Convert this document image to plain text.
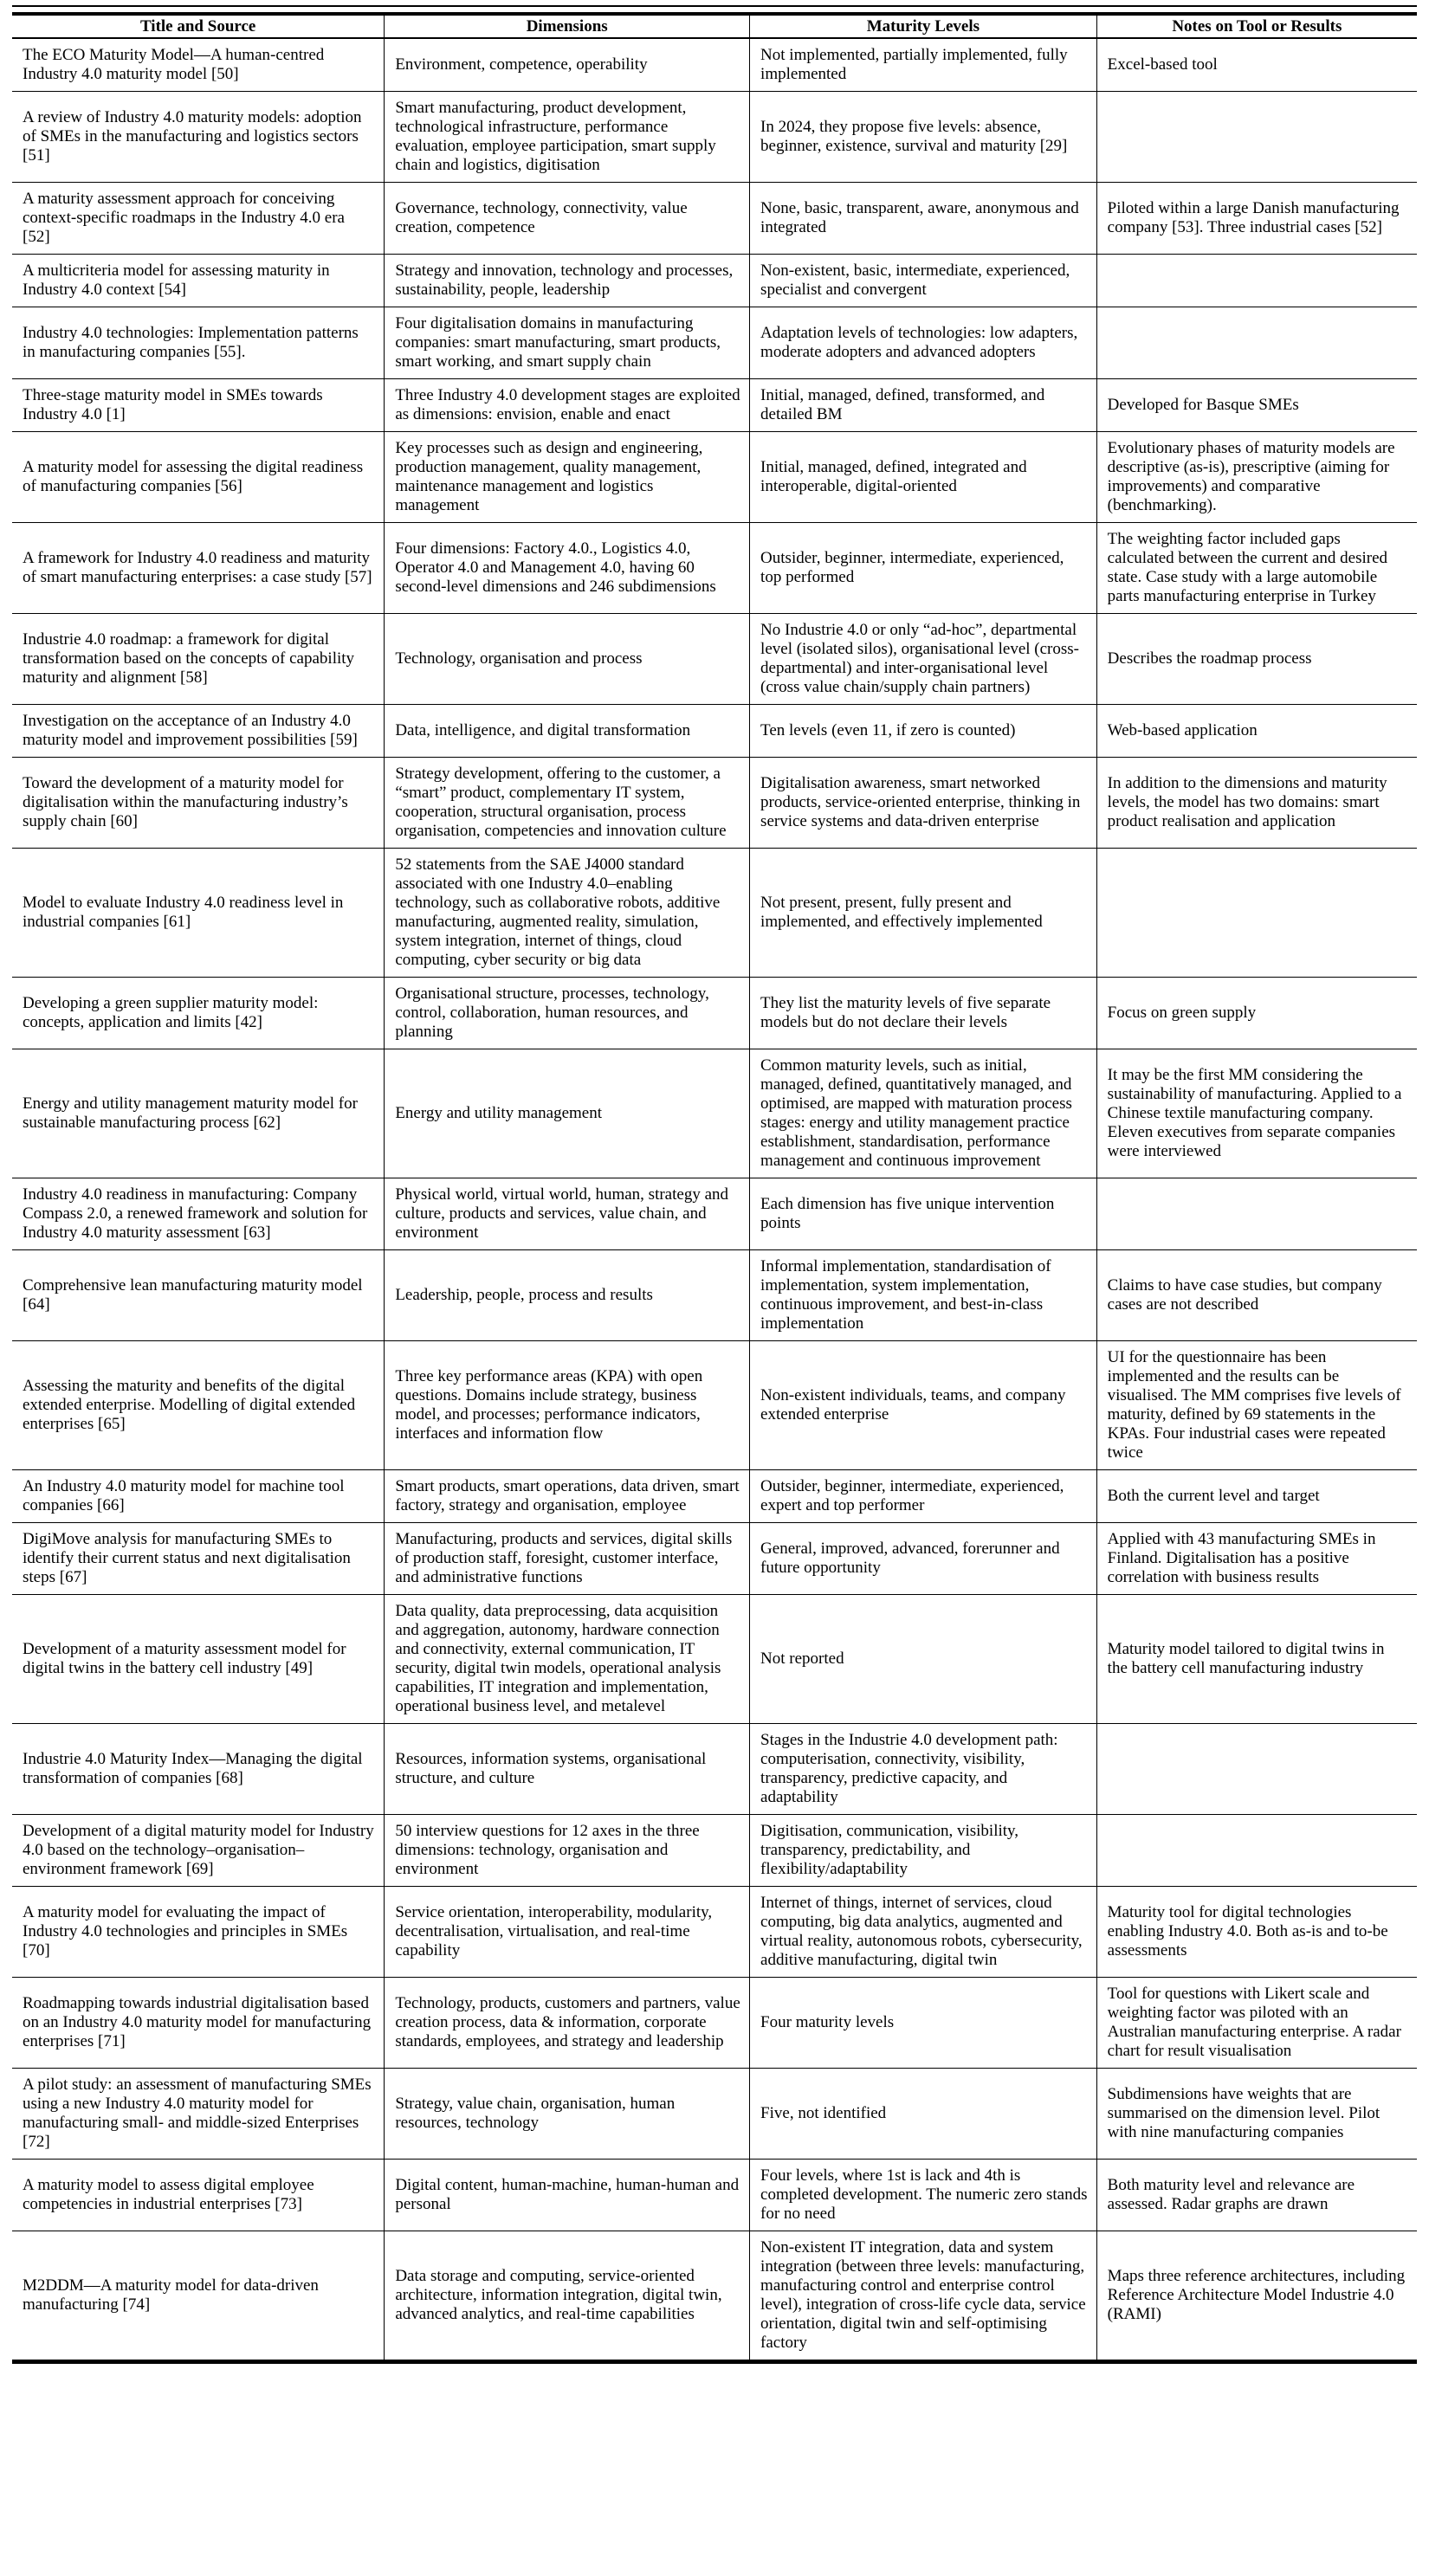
Title and Source	Dimensions	Maturity Levels	Notes on Tool or Results
The ECO Maturity Model—A human-centred Industry 4.0 maturity model [50]	Environment, competence, operability	Not implemented, partially implemented, fully implemented	Excel-based tool
A review of Industry 4.0 maturity models: adoption of SMEs in the manufacturing and logistics sectors [51]	Smart manufacturing, product development, technological infrastructure, performance evaluation, employee participation, smart supply chain and logistics, digitisation	In 2024, they propose five levels: absence, beginner, existence, survival and maturity [29]	
A maturity assessment approach for conceiving context-specific roadmaps in the Industry 4.0 era [52]	Governance, technology, connectivity, value creation, competence	None, basic, transparent, aware, anonymous and integrated	Piloted within a large Danish manufacturing company [53]. Three industrial cases [52]
A multicriteria model for assessing maturity in Industry 4.0 context [54]	Strategy and innovation, technology and processes, sustainability, people, leadership	Non-existent, basic, intermediate, experienced, specialist and convergent	
Industry 4.0 technologies: Implementation patterns in manufacturing companies [55].	Four digitalisation domains in manufacturing companies: smart manufacturing, smart products, smart working, and smart supply chain	Adaptation levels of technologies: low adapters, moderate adopters and advanced adopters	
Three-stage maturity model in SMEs towards Industry 4.0 [1]	Three Industry 4.0 development stages are exploited as dimensions: envision, enable and enact	Initial, managed, defined, transformed, and detailed BM	Developed for Basque SMEs
A maturity model for assessing the digital readiness of manufacturing companies [56]	Key processes such as design and engineering, production management, quality management, maintenance management and logistics management	Initial, managed, defined, integrated and interoperable, digital-oriented	Evolutionary phases of maturity models are descriptive (as-is), prescriptive (aiming for improvements) and comparative (benchmarking).
A framework for Industry 4.0 readiness and maturity of smart manufacturing enterprises: a case study [57]	Four dimensions: Factory 4.0., Logistics 4.0, Operator 4.0 and Management 4.0, having 60 second-level dimensions and 246 subdimensions	Outsider, beginner, intermediate, experienced, top performed	The weighting factor included gaps calculated between the current and desired state. Case study with a large automobile parts manufacturing enterprise in Turkey
Industrie 4.0 roadmap: a framework for digital transformation based on the concepts of capability maturity and alignment [58]	Technology, organisation and process	No Industrie 4.0 or only “ad-hoc”, departmental level (isolated silos), organisational level (cross-departmental) and inter-organisational level (cross value chain/supply chain partners)	Describes the roadmap process
Investigation on the acceptance of an Industry 4.0 maturity model and improvement possibilities [59]	Data, intelligence, and digital transformation	Ten levels (even 11, if zero is counted)	Web-based application
Toward the development of a maturity model for digitalisation within the manufacturing industry’s supply chain [60]	Strategy development, offering to the customer, a “smart” product, complementary IT system, cooperation, structural organisation, process organisation, competencies and innovation culture	Digitalisation awareness, smart networked products, service-oriented enterprise, thinking in service systems and data-driven enterprise	In addition to the dimensions and maturity levels, the model has two domains: smart product realisation and application
Model to evaluate Industry 4.0 readiness level in industrial companies [61]	52 statements from the SAE J4000 standard associated with one Industry 4.0–enabling technology, such as collaborative robots, additive manufacturing, augmented reality, simulation, system integration, internet of things, cloud computing, cyber security or big data	Not present, present, fully present and implemented, and effectively implemented	
Developing a green supplier maturity model: concepts, application and limits [42]	Organisational structure, processes, technology, control, collaboration, human resources, and planning	They list the maturity levels of five separate models but do not declare their levels	Focus on green supply
Energy and utility management maturity model for sustainable manufacturing process [62]	Energy and utility management	Common maturity levels, such as initial, managed, defined, quantitatively managed, and optimised, are mapped with maturation process stages: energy and utility management practice establishment, standardisation, performance management and continuous improvement	It may be the first MM considering the sustainability of manufacturing. Applied to a Chinese textile manufacturing company. Eleven executives from separate companies were interviewed
Industry 4.0 readiness in manufacturing: Company Compass 2.0, a renewed framework and solution for Industry 4.0 maturity assessment [63]	Physical world, virtual world, human, strategy and culture, products and services, value chain, and environment	Each dimension has five unique intervention points	
Comprehensive lean manufacturing maturity model [64]	Leadership, people, process and results	Informal implementation, standardisation of implementation, system implementation, continuous improvement, and best-in-class implementation	Claims to have case studies, but company cases are not described
Assessing the maturity and benefits of the digital extended enterprise. Modelling of digital extended enterprises [65]	Three key performance areas (KPA) with open questions. Domains include strategy, business model, and processes; performance indicators, interfaces and information flow	Non-existent individuals, teams, and company extended enterprise	UI for the questionnaire has been implemented and the results can be visualised. The MM comprises five levels of maturity, defined by 69 statements in the KPAs. Four industrial cases were repeated twice
An Industry 4.0 maturity model for machine tool companies [66]	Smart products, smart operations, data driven, smart factory, strategy and organisation, employee	Outsider, beginner, intermediate, experienced, expert and top performer	Both the current level and target
DigiMove analysis for manufacturing SMEs to identify their current status and next digitalisation steps [67]	Manufacturing, products and services, digital skills of production staff, foresight, customer interface, and administrative functions	General, improved, advanced, forerunner and future opportunity	Applied with 43 manufacturing SMEs in Finland. Digitalisation has a positive correlation with business results
Development of a maturity assessment model for digital twins in the battery cell industry [49]	Data quality, data preprocessing, data acquisition and aggregation, autonomy, hardware connection and connectivity, external communication, IT security, digital twin models, operational analysis capabilities, IT integration and implementation, operational business level, and metalevel	Not reported	Maturity model tailored to digital twins in the battery cell manufacturing industry
Industrie 4.0 Maturity Index—Managing the digital transformation of companies [68]	Resources, information systems, organisational structure, and culture	Stages in the Industrie 4.0 development path: computerisation, connectivity, visibility, transparency, predictive capacity, and adaptability	
Development of a digital maturity model for Industry 4.0 based on the technology–organisation–environment framework [69]	50 interview questions for 12 axes in the three dimensions: technology, organisation and environment	Digitisation, communication, visibility, transparency, predictability, and flexibility/adaptability	
A maturity model for evaluating the impact of Industry 4.0 technologies and principles in SMEs [70]	Service orientation, interoperability, modularity, decentralisation, virtualisation, and real-time capability	Internet of things, internet of services, cloud computing, big data analytics, augmented and virtual reality, autonomous robots, cybersecurity, additive manufacturing, digital twin	Maturity tool for digital technologies enabling Industry 4.0. Both as-is and to-be assessments
Roadmapping towards industrial digitalisation based on an Industry 4.0 maturity model for manufacturing enterprises [71]	Technology, products, customers and partners, value creation process, data & information, corporate standards, employees, and strategy and leadership	Four maturity levels	Tool for questions with Likert scale and weighting factor was piloted with an Australian manufacturing enterprise. A radar chart for result visualisation
A pilot study: an assessment of manufacturing SMEs using a new Industry 4.0 maturity model for manufacturing small- and middle-sized Enterprises [72]	Strategy, value chain, organisation, human resources, technology	Five, not identified	Subdimensions have weights that are summarised on the dimension level. Pilot with nine manufacturing companies
A maturity model to assess digital employee competencies in industrial enterprises [73]	Digital content, human-machine, human-human and personal	Four levels, where 1st is lack and 4th is completed development. The numeric zero stands for no need	Both maturity level and relevance are assessed. Radar graphs are drawn
M2DDM—A maturity model for data-driven manufacturing [74]	Data storage and computing, service-oriented architecture, information integration, digital twin, advanced analytics, and real-time capabilities	Non-existent IT integration, data and system integration (between three levels: manufacturing, manufacturing control and enterprise control level), integration of cross-life cycle data, service orientation, digital twin and self-optimising factory	Maps three reference architectures, including Reference Architecture Model Industrie 4.0 (RAMI)
